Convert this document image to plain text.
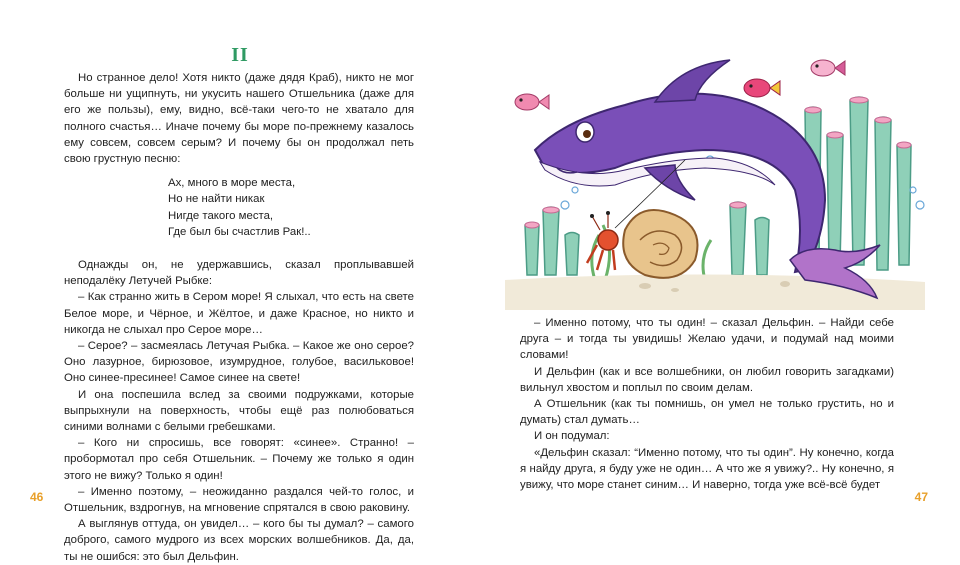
II

Но странное дело! Хотя никто (даже дядя Краб), никто не мог больше ни ущипнуть, ни укусить нашего Отшельника (даже для его же пользы), ему, видно, всё-таки чего-то не хватало для полного счастья… Иначе почему бы море по-прежнему казалось ему совсем, совсем серым? И почему бы он продолжал петь свою грустную песню:

Ах, много в море места,
Но не найти никак
Нигде такого места,
Где был бы счастлив Рак!..

Однажды он, не удержавшись, сказал проплывавшей неподалёку Летучей Рыбке:

– Как странно жить в Сером море! Я слыхал, что есть на свете Белое море, и Чёрное, и Жёлтое, и даже Красное, но никто и никогда не слыхал про Серое море…

– Серое? – засмеялась Летучая Рыбка. – Какое же оно серое? Оно лазурное, бирюзовое, изумрудное, голубое, васильковое! Оно синее-пресинее! Самое синее на свете!

И она поспешила вслед за своими подружками, которые выпрыхнули на поверхность, чтобы ещё раз полюбоваться синими волнами с белыми гребешками.

– Кого ни спросишь, все говорят: «синее». Странно! – пробормотал про себя Отшельник. – Почему же только я один этого не вижу? Только я один!

– Именно поэтому, – неожиданно раздался чей-то голос, и Отшельник, вздрогнув, на мгновение спрятался в свою раковину.

А выглянув оттуда, он увидел… – кого бы ты думал? – самого доброго, самого мудрого из всех морских волшебников. Да, да, ты не ошибся: это был Дельфин.

46

– Именно потому, что ты один! – сказал Дельфин. – Найди себе друга – и тогда ты увидишь! Желаю удачи, и подумай над моими словами!

И Дельфин (как и все волшебники, он любил говорить загадками) вильнул хвостом и поплыл по своим делам.

А Отшельник (как ты помнишь, он умел не только грустить, но и думать) стал думать…

И он подумал:

«Дельфин сказал: “Именно потому, что ты один”. Ну конечно, когда я найду друга, я буду уже не один… А что же я увижу?.. Ну конечно, я увижу, что море станет синим… И наверно, тогда уже всё-всё будет

47
